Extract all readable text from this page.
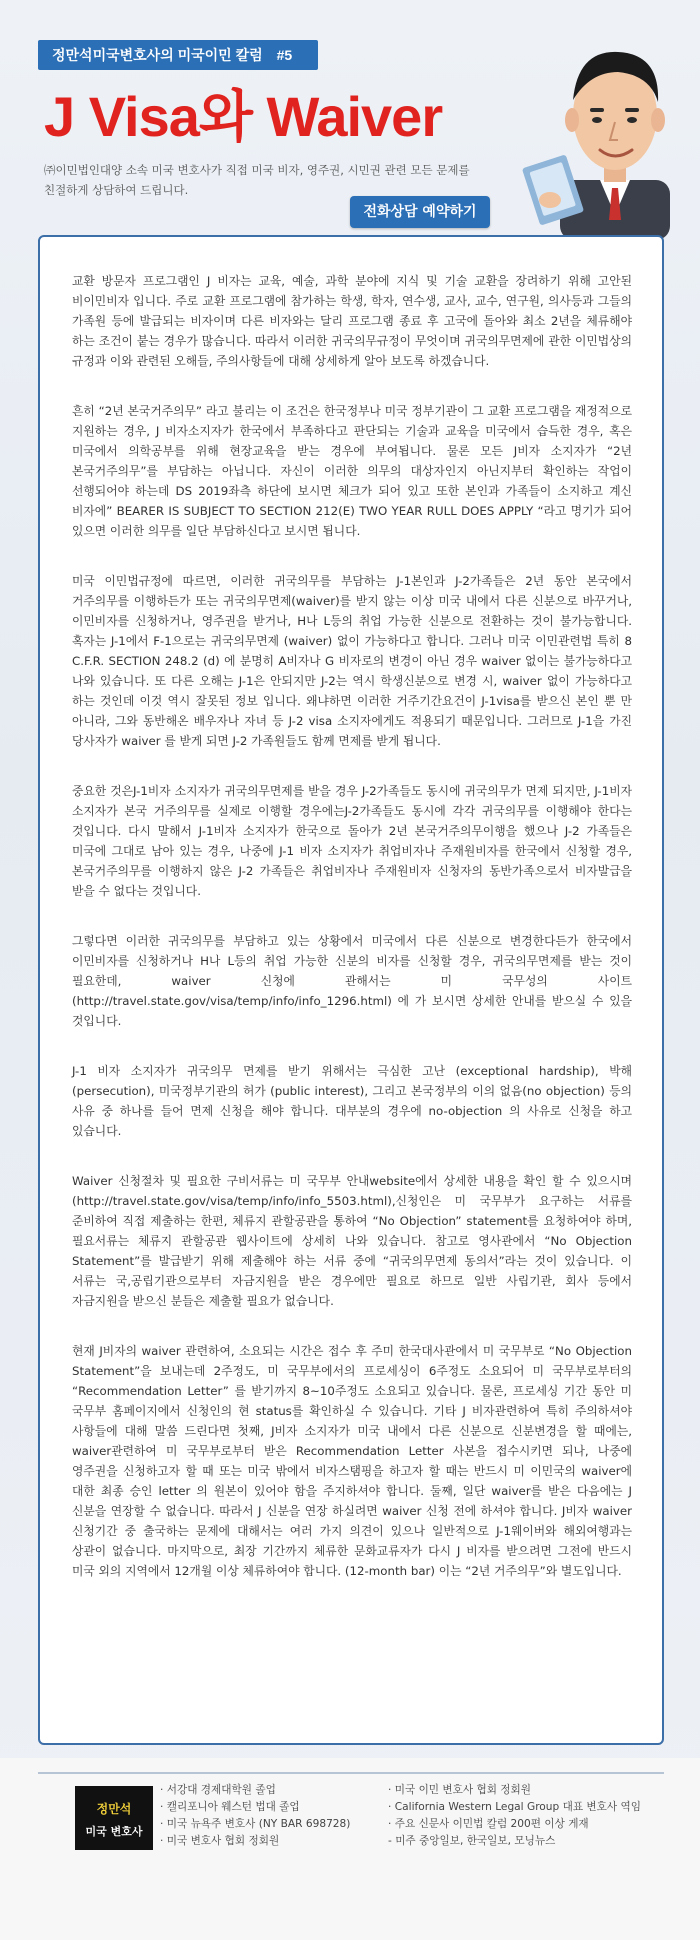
정만석미국변호사의 미국이민 칼럼 #5
J Visa와 Waiver
㈜이민법인대양 소속 미국 변호사가 직접 미국 비자, 영주권, 시민권 관련 모든 문제를 친절하게 상담하여 드립니다.
전화상담 예약하기

교환 방문자 프로그램인 J 비자는 교육, 예술, 과학 분야에 지식 및 기술 교환을 장려하기 위해 고안된 비이민비자 입니다. 주로 교환 프로그램에 참가하는 학생, 학자, 연수생, 교사, 교수, 연구원, 의사등과 그들의 가족원 등에 발급되는 비자이며 다른 비자와는 달리 프로그램 종료 후 고국에 돌아와 최소 2년을 체류해야 하는 조건이 붙는 경우가 많습니다. 따라서 이러한 귀국의무규정이 무엇이며 귀국의무면제에 관한 이민법상의 규정과 이와 관련된 오해들, 주의사항들에 대해 상세하게 알아 보도록 하겠습니다.

흔히 “2년 본국거주의무” 라고 불리는 이 조건은 한국정부나 미국 정부기관이 그 교환 프로그램을 재정적으로 지원하는 경우, J 비자소지자가 한국에서 부족하다고 판단되는 기술과 교육을 미국에서 습득한 경우, 혹은 미국에서 의학공부를 위해 현장교육을 받는 경우에 부여됩니다. 물론 모든 J비자 소지자가 “2년 본국거주의무”를 부담하는 아닙니다. 자신이 이러한 의무의 대상자인지 아닌지부터 확인하는 작업이 선행되어야 하는데 DS 2019좌측 하단에 보시면 체크가 되어 있고 또한 본인과 가족들이 소지하고 계신 비자에” BEARER IS SUBJECT TO SECTION 212(E) TWO YEAR RULL DOES APPLY “라고 명기가 되어 있으면 이러한 의무를 일단 부담하신다고 보시면 됩니다.

미국 이민법규정에 따르면, 이러한 귀국의무를 부담하는 J-1본인과 J-2가족들은 2년 동안 본국에서 거주의무를 이행하든가 또는 귀국의무면제(waiver)를 받지 않는 이상 미국 내에서 다른 신분으로 바꾸거나, 이민비자를 신청하거나, 영주권을 받거나, H나 L등의 취업 가능한 신분으로 전환하는 것이 불가능합니다. 혹자는 J-1에서 F-1으로는 귀국의무면제 (waiver) 없이 가능하다고 합니다. 그러나 미국 이민관련법 특히 8 C.F.R. SECTION 248.2 (d) 에 분명히 A비자나 G 비자로의 변경이 아닌 경우 waiver 없이는 불가능하다고 나와 있습니다. 또 다른 오해는 J-1은 안되지만 J-2는 역시 학생신분으로 변경 시, waiver 없이 가능하다고 하는 것인데 이것 역시 잘못된 정보 입니다. 왜냐하면 이러한 거주기간요건이 J-1visa를 받으신 본인 뿐 만 아니라, 그와 동반해온 배우자나 자녀 등 J-2 visa 소지자에게도 적용되기 때문입니다. 그러므로 J-1을 가진 당사자가 waiver 를 받게 되면 J-2 가족원들도 함께 면제를 받게 됩니다.

중요한 것은J-1비자 소지자가 귀국의무면제를 받을 경우 J-2가족들도 동시에 귀국의무가 면제 되지만, J-1비자 소지자가 본국 거주의무를 실제로 이행할 경우에는J-2가족들도 동시에 각각 귀국의무를 이행해야 한다는 것입니다. 다시 말해서 J-1비자 소지자가 한국으로 돌아가 2년 본국거주의무이행을 했으나 J-2 가족들은 미국에 그대로 남아 있는 경우, 나중에 J-1 비자 소지자가 취업비자나 주재원비자를 한국에서 신청할 경우, 본국거주의무를 이행하지 않은 J-2 가족들은 취업비자나 주재원비자 신청자의 동반가족으로서 비자발급을 받을 수 없다는 것입니다.

그렇다면 이러한 귀국의무를 부담하고 있는 상황에서 미국에서 다른 신분으로 변경한다든가 한국에서 이민비자를 신청하거나 H나 L등의 취업 가능한 신분의 비자를 신청할 경우, 귀국의무면제를 받는 것이 필요한데, waiver 신청에 관해서는 미 국무성의 사이트(http://travel.state.gov/visa/temp/info/info_1296.html) 에 가 보시면 상세한 안내를 받으실 수 있을 것입니다.

J-1 비자 소지자가 귀국의무 면제를 받기 위해서는 극심한 고난 (exceptional hardship), 박해(persecution), 미국정부기관의 허가 (public interest), 그리고 본국정부의 이의 없음(no objection) 등의 사유 중 하나를 들어 면제 신청을 해야 합니다. 대부분의 경우에 no-objection 의 사유로 신청을 하고 있습니다.

Waiver 신청절차 및 필요한 구비서류는 미 국무부 안내website에서 상세한 내용을 확인 할 수 있으시며(http://travel.state.gov/visa/temp/info/info_5503.html),신청인은 미 국무부가 요구하는 서류를 준비하여 직접 제출하는 한편, 체류지 관할공관을 통하여 “No Objection” statement를 요청하여야 하며, 필요서류는 체류지 관할공관 웹사이트에 상세히 나와 있습니다. 참고로 영사관에서 “No Objection Statement”를 발급받기 위해 제출해야 하는 서류 중에 “귀국의무면제 동의서”라는 것이 있습니다. 이 서류는 국,공립기관으로부터 자금지원을 받은 경우에만 필요로 하므로 일반 사립기관, 회사 등에서 자금지원을 받으신 분들은 제출할 필요가 없습니다.

현재 J비자의 waiver 관련하여, 소요되는 시간은 접수 후 주미 한국대사관에서 미 국무부로 “No Objection Statement”을 보내는데 2주정도, 미 국무부에서의 프로세싱이 6주정도 소요되어 미 국무부로부터의 “Recommendation Letter” 를 받기까지 8~10주정도 소요되고 있습니다. 물론, 프로세싱 기간 동안 미 국무부 홈페이지에서 신청인의 현 status를 확인하실 수 있습니다. 기타 J 비자관련하여 특히 주의하셔야 사항들에 대해 말씀 드린다면 첫째, J비자 소지자가 미국 내에서 다른 신분으로 신분변경을 할 때에는, waiver관련하여 미 국무부로부터 받은 Recommendation Letter 사본을 접수시키면 되나, 나중에 영주권을 신청하고자 할 때 또는 미국 밖에서 비자스탬핑을 하고자 할 때는 반드시 미 이민국의 waiver에 대한 최종 승인 letter 의 원본이 있어야 함을 주지하셔야 합니다. 둘째, 일단 waiver를 받은 다음에는 J 신분을 연장할 수 없습니다. 따라서 J 신분을 연장 하실려면 waiver 신청 전에 하셔야 합니다. J비자 waiver 신청기간 중 출국하는 문제에 대해서는 여러 가지 의견이 있으나 일반적으로 J-1웨이버와 해외여행과는 상관이 없습니다. 마지막으로, 최장 기간까지 체류한 문화교류자가 다시 J 비자를 받으려면 그전에 반드시 미국 외의 지역에서 12개월 이상 체류하여야 합니다. (12-month bar) 이는 “2년 거주의무”와 별도입니다.

정만석
미국 변호사
· 서강대 경제대학원 졸업
· 캘리포니아 웨스턴 법대 졸업
· 미국 뉴욕주 변호사 (NY BAR 698728)
· 미국 변호사 협회 정회원
· 미국 이민 변호사 협회 정회원
· California Western Legal Group 대표 변호사 역임
· 주요 신문사 이민법 칼럼 200편 이상 게재
- 미주 중앙일보, 한국일보, 모닝뉴스
